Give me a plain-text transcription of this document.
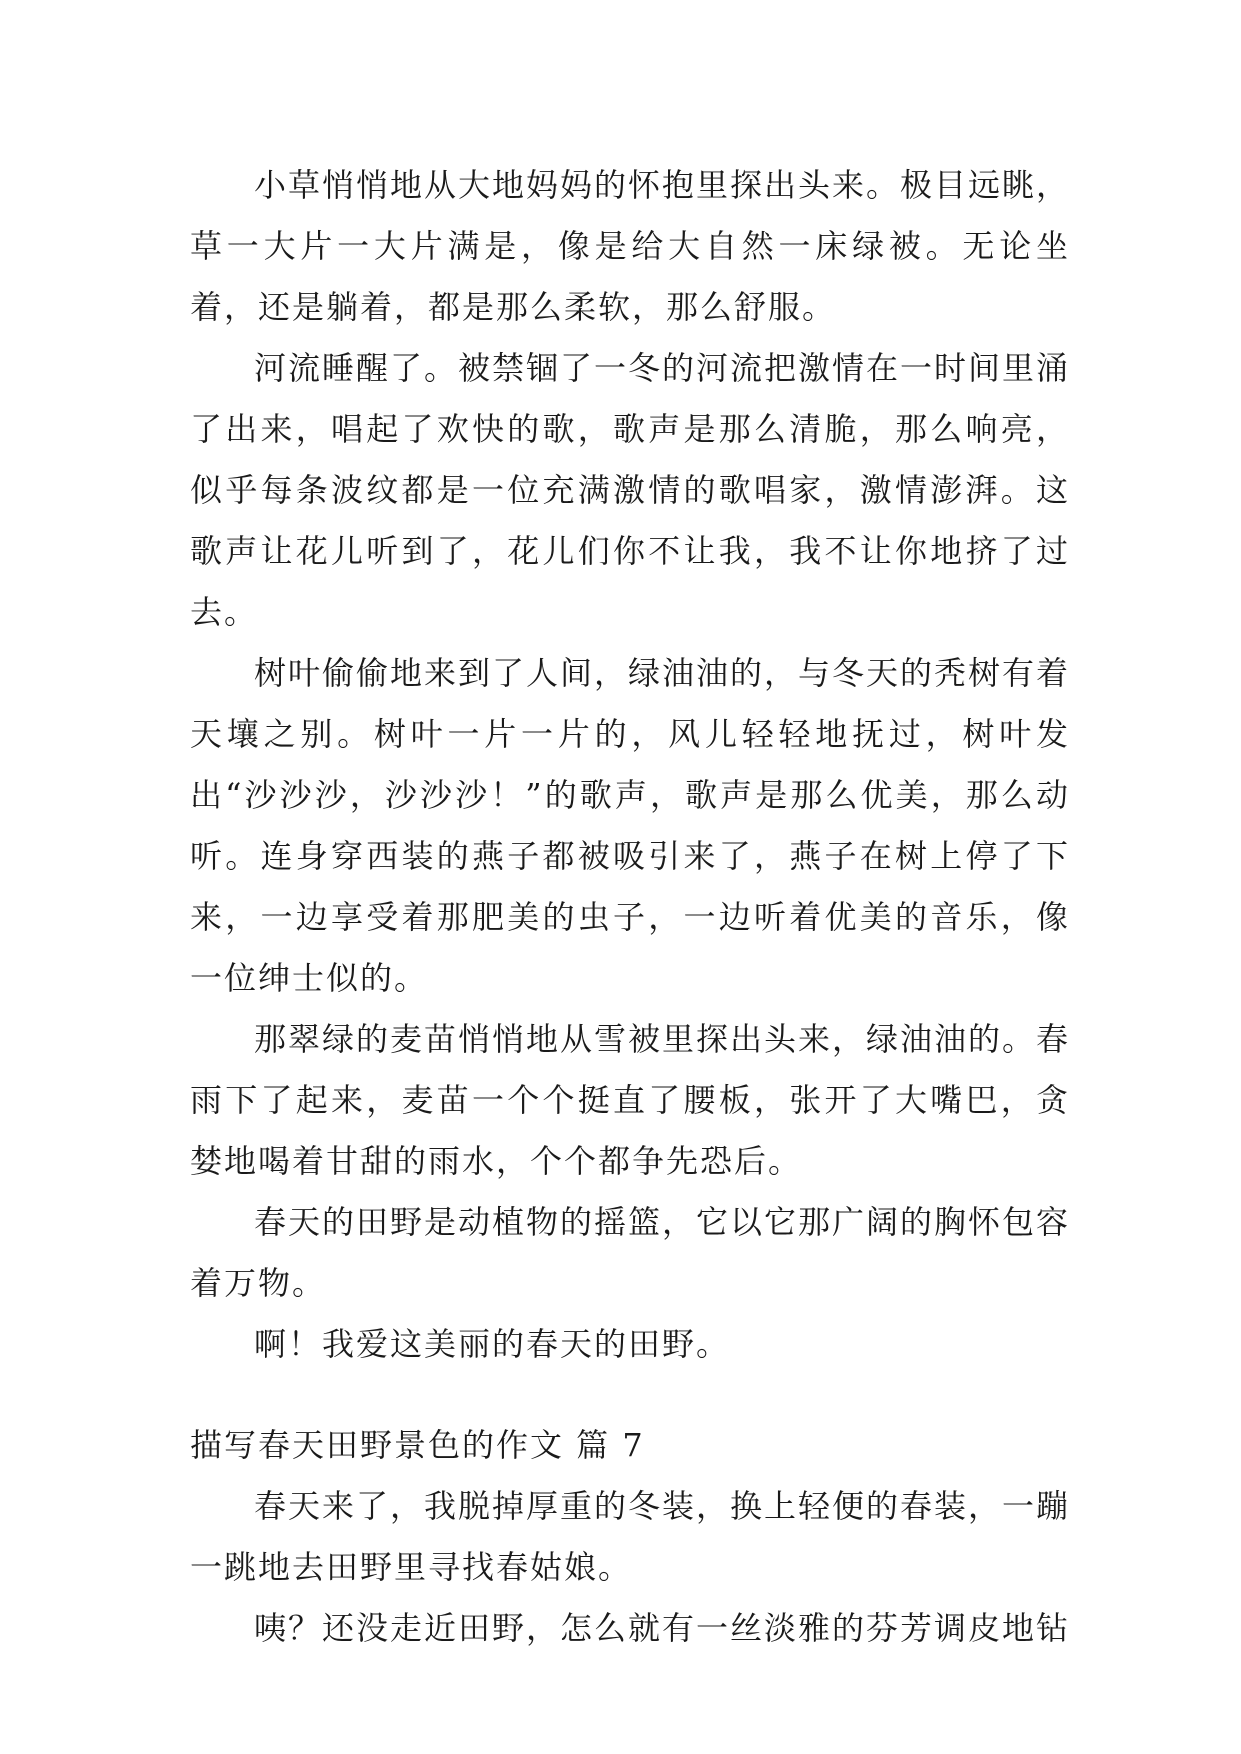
小草悄悄地从大地妈妈的怀抱里探出头来。极目远眺，草一大片一大片满是，像是给大自然一床绿被。无论坐着，还是躺着，都是那么柔软，那么舒服。

河流睡醒了。被禁锢了一冬的河流把激情在一时间里涌了出来，唱起了欢快的歌，歌声是那么清脆，那么响亮，似乎每条波纹都是一位充满激情的歌唱家，激情澎湃。这歌声让花儿听到了，花儿们你不让我，我不让你地挤了过去。

树叶偷偷地来到了人间，绿油油的，与冬天的秃树有着天壤之别。树叶一片一片的，风儿轻轻地抚过，树叶发出“沙沙沙，沙沙沙！”的歌声，歌声是那么优美，那么动听。连身穿西装的燕子都被吸引来了，燕子在树上停了下来，一边享受着那肥美的虫子，一边听着优美的音乐，像一位绅士似的。

那翠绿的麦苗悄悄地从雪被里探出头来，绿油油的。春雨下了起来，麦苗一个个挺直了腰板，张开了大嘴巴，贪婪地喝着甘甜的雨水，个个都争先恐后。

春天的田野是动植物的摇篮，它以它那广阔的胸怀包容着万物。

啊！我爱这美丽的春天的田野。

描写春天田野景色的作文 篇 7

春天来了，我脱掉厚重的冬装，换上轻便的春装，一蹦一跳地去田野里寻找春姑娘。

咦？还没走近田野，怎么就有一丝淡雅的芬芳调皮地钻
